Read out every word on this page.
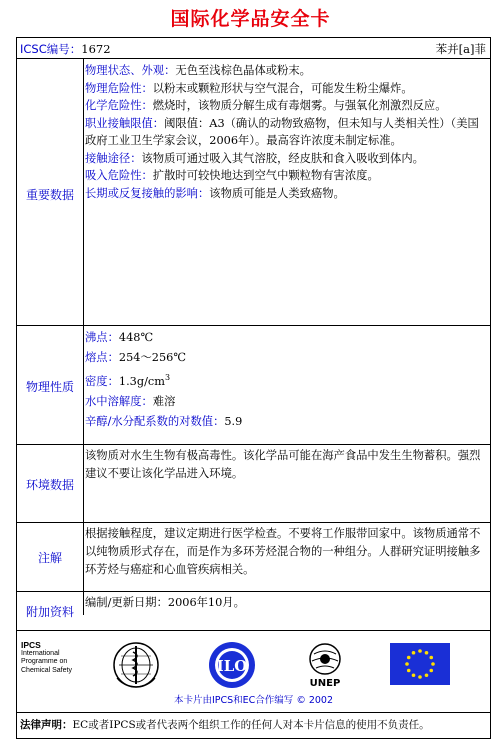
国际化学品安全卡
ICSC编号：1672	苯并[a]菲
重要数据
物理状态、外观：无色至浅棕色晶体或粉末。
物理危险性：以粉末或颗粒形状与空气混合，可能发生粉尘爆炸。
化学危险性：燃烧时，该物质分解生成有毒烟雾。与强氧化剂激烈反应。
职业接触限值：阈限值：A3（确认的动物致癌物，但未知与人类相关性）（美国政府工业卫生学家会议，2006年）。最高容许浓度未制定标准。
接触途径：该物质可通过吸入其气溶胶，经皮肤和食入吸收到体内。
吸入危险性：扩散时可较快地达到空气中颗粒物有害浓度。
长期或反复接触的影响：该物质可能是人类致癌物。
物理性质
沸点：448℃
熔点：254～256℃
密度：$1.3g/cm^3$
水中溶解度：难溶
辛醇/水分配系数的对数值：5.9
环境数据
该物质对水生生物有极高毒性。该化学品可能在海产食品中发生生物蓄积。强烈建议不要让该化学品进入环境。
注解
根据接触程度，建议定期进行医学检查。不要将工作服带回家中。该物质通常不以纯物质形式存在，而是作为多环芳烃混合物的一种组分。人群研究证明接触多环芳烃与癌症和心血管疾病相关。
附加资料
编制/更新日期：2006年10月。
IPCS
International
Programme on
Chemical Safety	ILO
UNEP
本卡片由IPCS和EC合作编写 © 2002
法律声明：EC或者IPCS或者代表两个组织工作的任何人对本卡片信息的使用不负责任。
